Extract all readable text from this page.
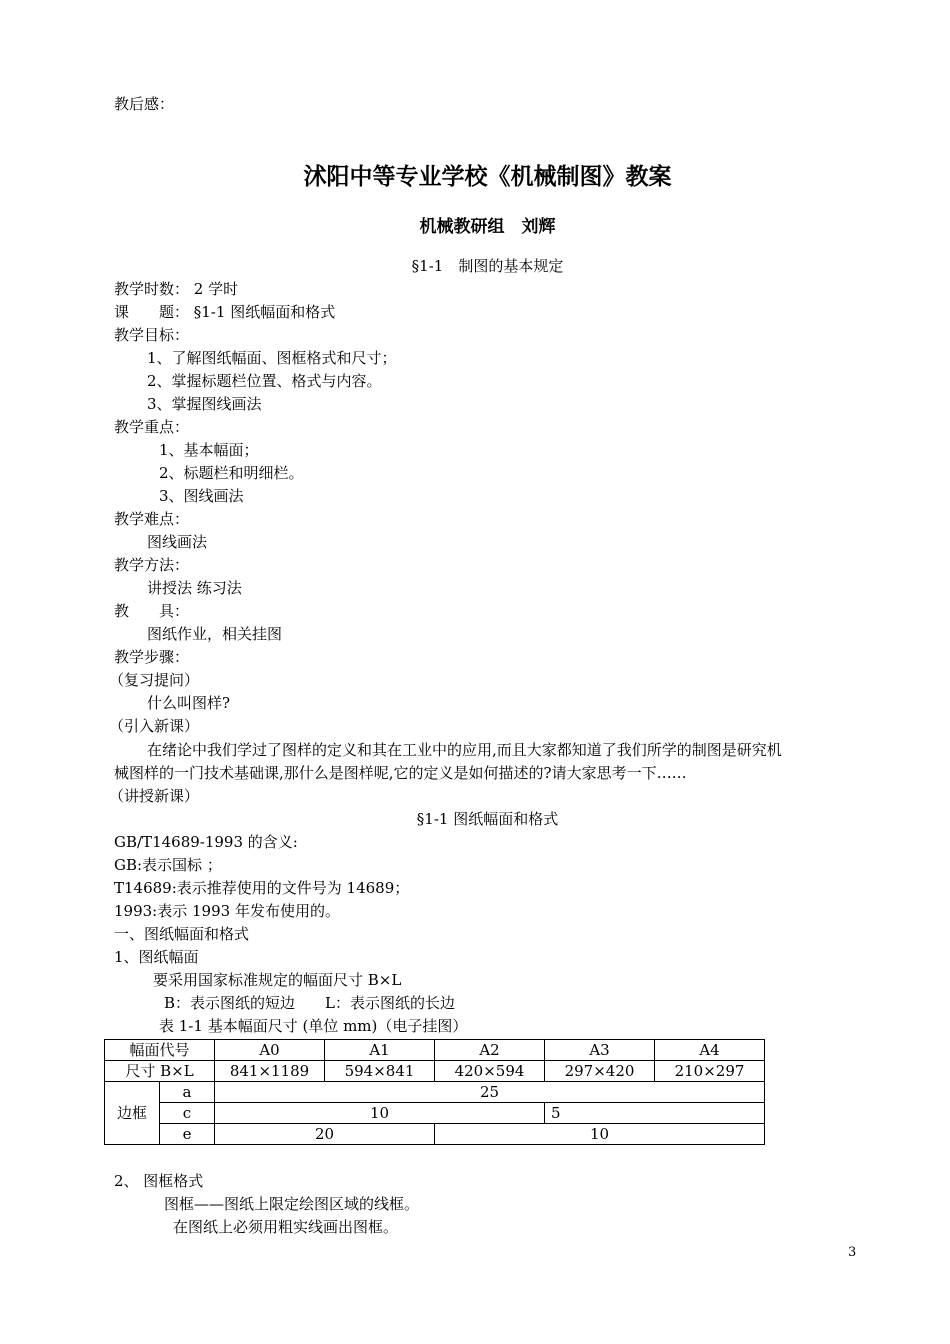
教后感：
沭阳中等专业学校《机械制图》教案
机械教研组　刘辉
§1-1　制图的基本规定
教学时数： 2 学时
课　　题： §1-1 图纸幅面和格式
教学目标：
1、了解图纸幅面、图框格式和尺寸；
2、掌握标题栏位置、格式与内容。
3、掌握图线画法
教学重点：
1、基本幅面；
2、标题栏和明细栏。
3、图线画法
教学难点：
图线画法
教学方法：
讲授法 练习法
教　　具：
图纸作业，相关挂图
教学步骤：
（复习提问）
什么叫图样?
（引入新课）
在绪论中我们学过了图样的定义和其在工业中的应用,而且大家都知道了我们所学的制图是研究机
械图样的一门技术基础课,那什么是图样呢,它的定义是如何描述的?请大家思考一下……
（讲授新课）
§1-1 图纸幅面和格式
GB/T14689-1993 的含义:
GB:表示国标 ；
T14689:表示推荐使用的文件号为 14689；
1993:表示 1993 年发布使用的。
一、图纸幅面和格式
1、图纸幅面
要采用国家标准规定的幅面尺寸 B×L
B：表示图纸的短边　　L：表示图纸的长边
表 1-1 基本幅面尺寸 (单位 mm)（电子挂图）
幅面代号		A0	A1	A2	A3	A4
尺寸 B×L		841×1189	594×841	420×594	297×420	210×297
边框	a	25				
	c	10			5	
	e	20		10		
2、 图框格式
图框——图纸上限定绘图区域的线框。
在图纸上必须用粗实线画出图框。
3
